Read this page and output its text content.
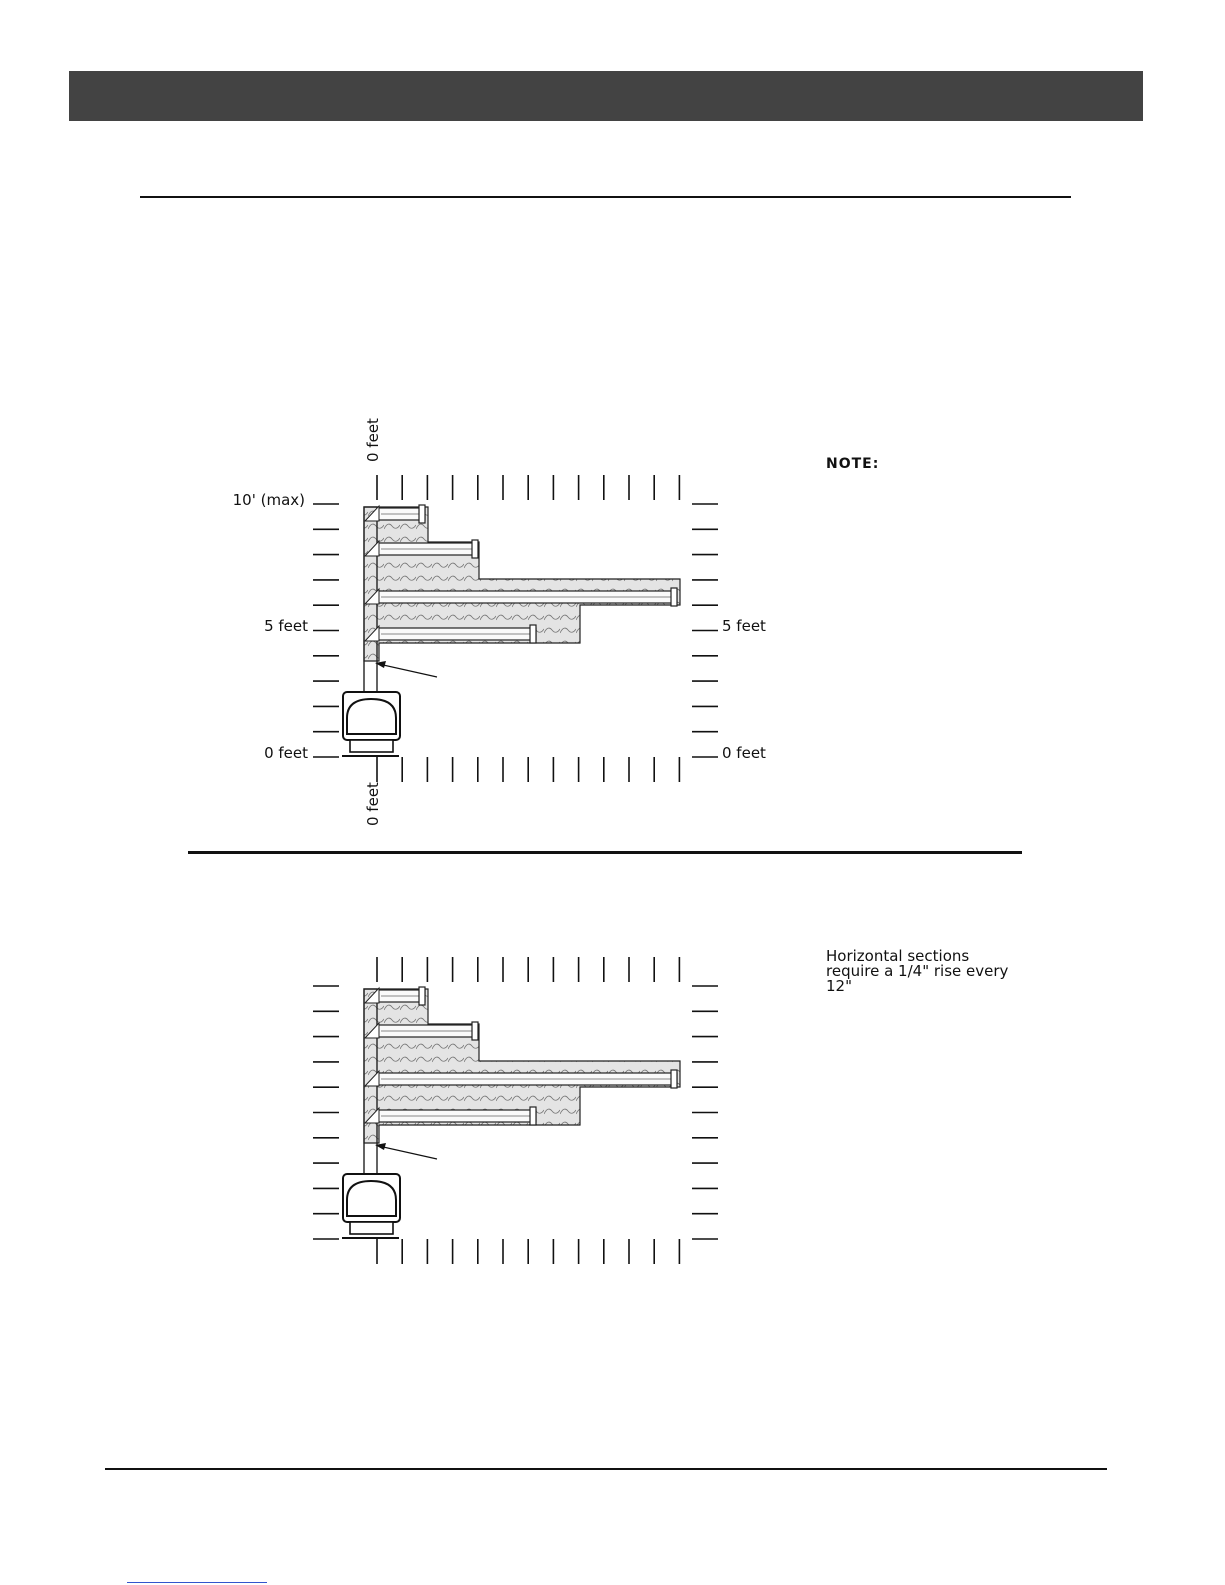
NOTE:
Horizontal sections require a 1/4" rise every 12"
0 feet
0 feet
10' (max)
5 feet
0 feet
5 feet
0 feet
